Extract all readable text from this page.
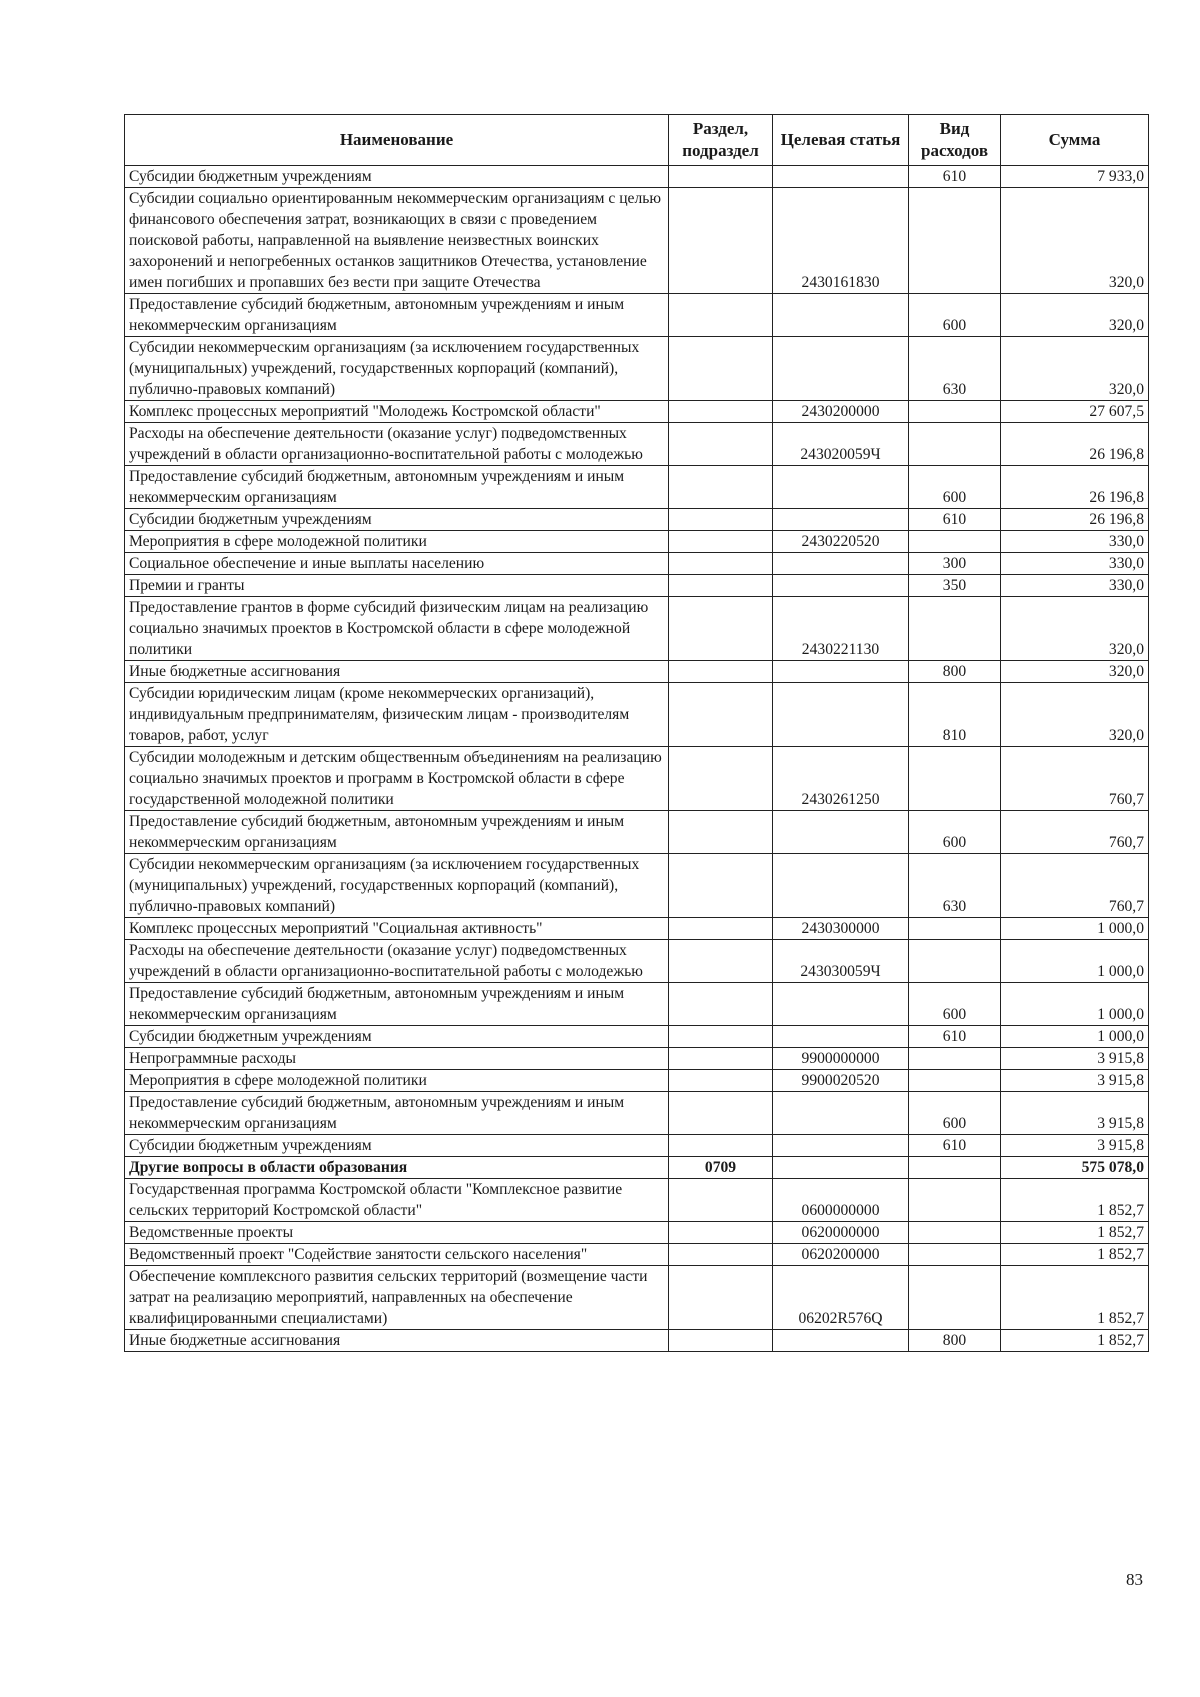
Наименование	Раздел, подраздел	Целевая статья	Вид расходов	Сумма
Субсидии бюджетным учреждениям			610	7 933,0
Субсидии социально ориентированным некоммерческим организациям с целью финансового обеспечения затрат, возникающих в связи с проведением поисковой работы, направленной на выявление неизвестных воинских захоронений и непогребенных останков защитников Отечества, установление имен погибших и пропавших без вести при защите Отечества		2430161830		320,0
Предоставление субсидий бюджетным, автономным учреждениям и иным некоммерческим организациям			600	320,0
Субсидии некоммерческим организациям (за исключением государственных (муниципальных) учреждений, государственных корпораций (компаний), публично-правовых компаний)			630	320,0
Комплекс процессных мероприятий "Молодежь Костромской области"		2430200000		27 607,5
Расходы на обеспечение деятельности (оказание услуг) подведомственных учреждений в области организационно-воспитательной работы с молодежью		243020059Ч		26 196,8
Предоставление субсидий бюджетным, автономным учреждениям и иным некоммерческим организациям			600	26 196,8
Субсидии бюджетным учреждениям			610	26 196,8
Мероприятия в сфере молодежной политики		2430220520		330,0
Социальное обеспечение и иные выплаты населению			300	330,0
Премии и гранты			350	330,0
Предоставление грантов в форме субсидий физическим лицам на реализацию социально значимых проектов в Костромской области в сфере молодежной политики		2430221130		320,0
Иные бюджетные ассигнования			800	320,0
Субсидии юридическим лицам (кроме некоммерческих организаций), индивидуальным предпринимателям, физическим лицам - производителям товаров, работ, услуг			810	320,0
Субсидии молодежным и детским общественным объединениям на реализацию социально значимых проектов и программ в Костромской области в сфере государственной молодежной политики		2430261250		760,7
Предоставление субсидий бюджетным, автономным учреждениям и иным некоммерческим организациям			600	760,7
Субсидии некоммерческим организациям (за исключением государственных (муниципальных) учреждений, государственных корпораций (компаний), публично-правовых компаний)			630	760,7
Комплекс процессных мероприятий "Социальная активность"		2430300000		1 000,0
Расходы на обеспечение деятельности (оказание услуг) подведомственных учреждений в области организационно-воспитательной работы с молодежью		243030059Ч		1 000,0
Предоставление субсидий бюджетным, автономным учреждениям и иным некоммерческим организациям			600	1 000,0
Субсидии бюджетным учреждениям			610	1 000,0
Непрограммные расходы		9900000000		3 915,8
Мероприятия в сфере молодежной политики		9900020520		3 915,8
Предоставление субсидий бюджетным, автономным учреждениям и иным некоммерческим организациям			600	3 915,8
Субсидии бюджетным учреждениям			610	3 915,8
Другие вопросы в области образования	0709			575 078,0
Государственная программа Костромской области "Комплексное развитие сельских территорий Костромской области"		0600000000		1 852,7
Ведомственные проекты		0620000000		1 852,7
Ведомственный проект "Содействие занятости сельского населения"		0620200000		1 852,7
Обеспечение комплексного развития сельских территорий (возмещение части затрат на реализацию мероприятий, направленных на обеспечение квалифицированными специалистами)		06202R576Q		1 852,7
Иные бюджетные ассигнования			800	1 852,7
83
